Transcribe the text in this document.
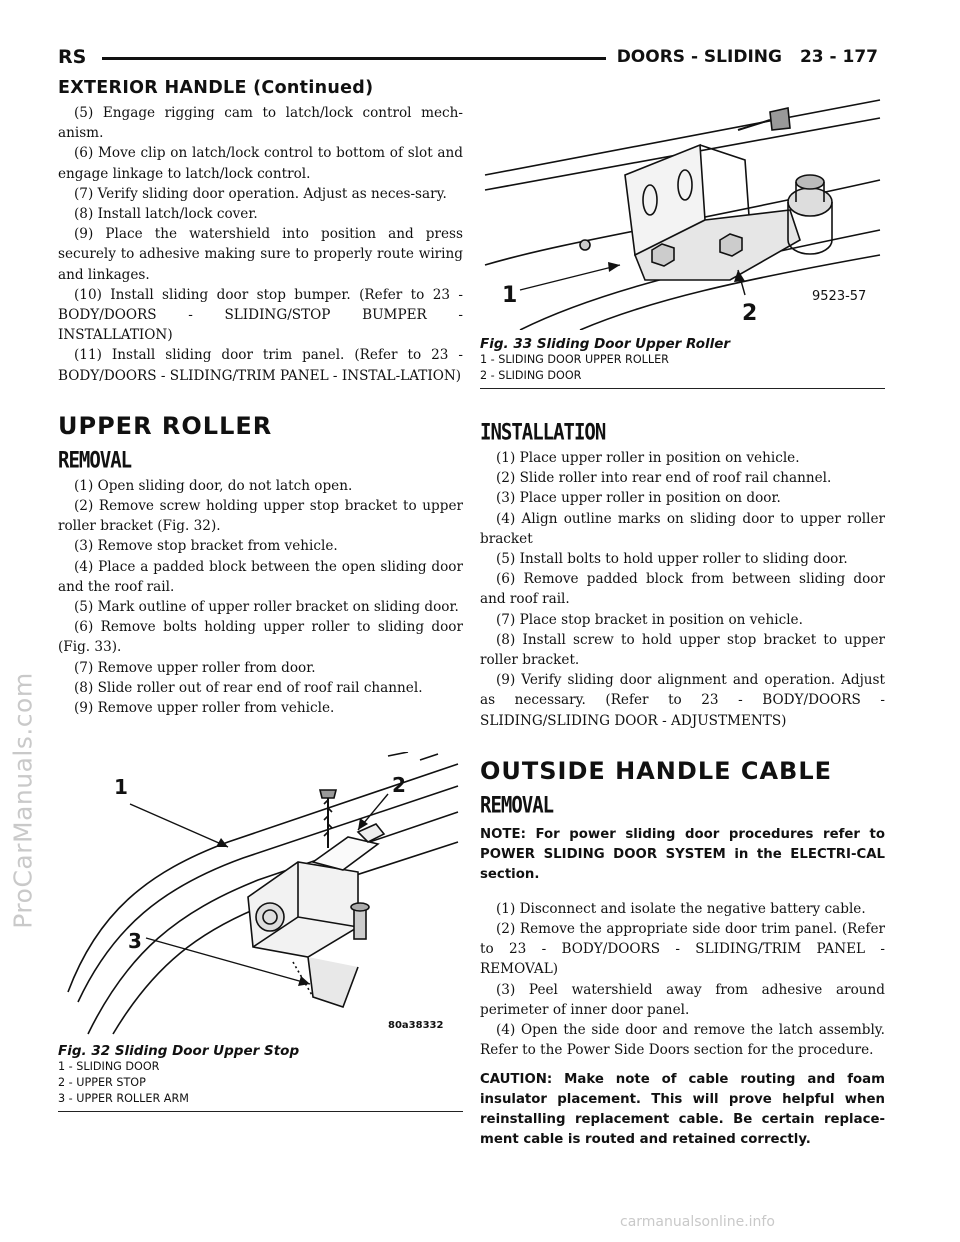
ProCarManuals.com
RS	DOORS - SLIDING 23 - 177
EXTERIOR HANDLE (Continued)

(5) Engage rigging cam to latch/lock control mech-anism.

(6) Move clip on latch/lock control to bottom of slot and engage linkage to latch/lock control.

(7) Verify sliding door operation. Adjust as neces-sary.

(8) Install latch/lock cover.

(9) Place the watershield into position and press securely to adhesive making sure to properly route wiring and linkages.

(10) Install sliding door stop bumper. (Refer to 23 - BODY/DOORS - SLIDING/STOP BUMPER - INSTALLATION)

(11) Install sliding door trim panel. (Refer to 23 - BODY/DOORS - SLIDING/TRIM PANEL - INSTAL-LATION)

UPPER ROLLER
REMOVAL

(1) Open sliding door, do not latch open.

(2) Remove screw holding upper stop bracket to upper roller bracket (Fig. 32).

(3) Remove stop bracket from vehicle.

(4) Place a padded block between the open sliding door and the roof rail.

(5) Mark outline of upper roller bracket on sliding door.

(6) Remove bolts holding upper roller to sliding door (Fig. 33).

(7) Remove upper roller from door.

(8) Slide roller out of rear end of roof rail channel.

(9) Remove upper roller from vehicle.

1	2
3
80a38332
Fig. 32 Sliding Door Upper Stop
1 - SLIDING DOOR
2 - UPPER STOP
3 - UPPER ROLLER ARM
1
2
9523-57
Fig. 33 Sliding Door Upper Roller
1 - SLIDING DOOR UPPER ROLLER
2 - SLIDING DOOR
INSTALLATION

(1) Place upper roller in position on vehicle.

(2) Slide roller into rear end of roof rail channel.

(3) Place upper roller in position on door.

(4) Align outline marks on sliding door to upper roller bracket

(5) Install bolts to hold upper roller to sliding door.

(6) Remove padded block from between sliding door and roof rail.

(7) Place stop bracket in position on vehicle.

(8) Install screw to hold upper stop bracket to upper roller bracket.

(9) Verify sliding door alignment and operation. Adjust as necessary. (Refer to 23 - BODY/DOORS - SLIDING/SLIDING DOOR - ADJUSTMENTS)

OUTSIDE HANDLE CABLE
REMOVAL

NOTE: For power sliding door procedures refer to POWER SLIDING DOOR SYSTEM in the ELECTRI-CAL section.

(1) Disconnect and isolate the negative battery cable.

(2) Remove the appropriate side door trim panel. (Refer to 23 - BODY/DOORS - SLIDING/TRIM PANEL - REMOVAL)

(3) Peel watershield away from adhesive around perimeter of inner door panel.

(4) Open the side door and remove the latch assembly. Refer to the Power Side Doors section for the procedure.

CAUTION: Make note of cable routing and foam insulator placement. This will prove helpful when reinstalling replacement cable. Be certain replace-ment cable is routed and retained correctly.

carmanualsonline.info
